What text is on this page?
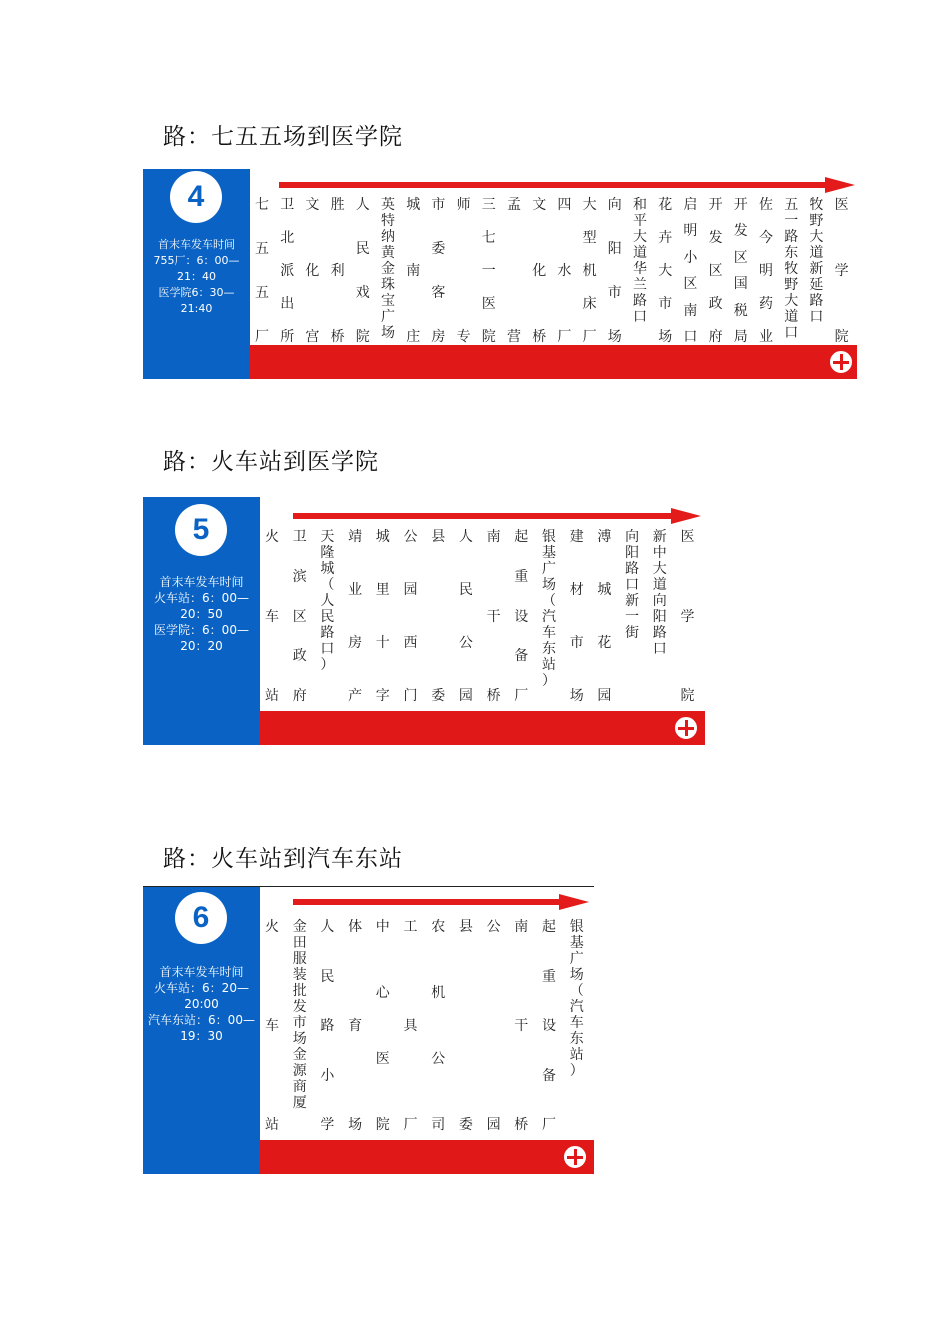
路：七五五场到医学院
4
首末车发车时间
755厂：6：00—
21：40
医学院6：30—
21:40
七
五
五
厂
卫
北
派
出
所
文
化
宫
胜
利
桥
人
民
戏
院
英
特
纳
黄
金
珠
宝
广
场
城
南
庄
市
委
客
房
师
专
三
七
一
医
院
孟
营
文
化
桥
四
水
厂
大
型
机
床
厂
向
阳
市
场
和
平
大
道
华
兰
路
口
花
卉
大
市
场
启
明
小
区
南
口
开
发
区
政
府
开
发
区
国
税
局
佐
今
明
药
业
五
一
路
东
牧
野
大
道
口
牧
野
大
道
新
延
路
口
医
学
院
路：火车站到医学院
5
首末车发车时间
火车站：6：00—
20：50
医学院：6：00—
20：20
火
车
站
卫
滨
区
政
府
天
隆
城
（
人
民
路
口
）
靖
业
房
产
城
里
十
字
公
园
西
门
县
委
人
民
公
园
南
干
桥
起
重
设
备
厂
银
基
广
场
（
汽
车
东
站
）
建
材
市
场
溥
城
花
园
向
阳
路
口
新
一
街
新
中
大
道
向
阳
路
口
医
学
院
路：火车站到汽车东站
6
首末车发车时间
火车站：6：20—
20:00
汽车东站：6：00—
19：30
火
车
站
金
田
服
装
批
发
市
场
金
源
商
厦
人
民
路
小
学
体
育
场
中
心
医
院
工
具
厂
农
机
公
司
县
委
公
园
南
干
桥
起
重
设
备
厂
银
基
广
场
（
汽
车
东
站
）
